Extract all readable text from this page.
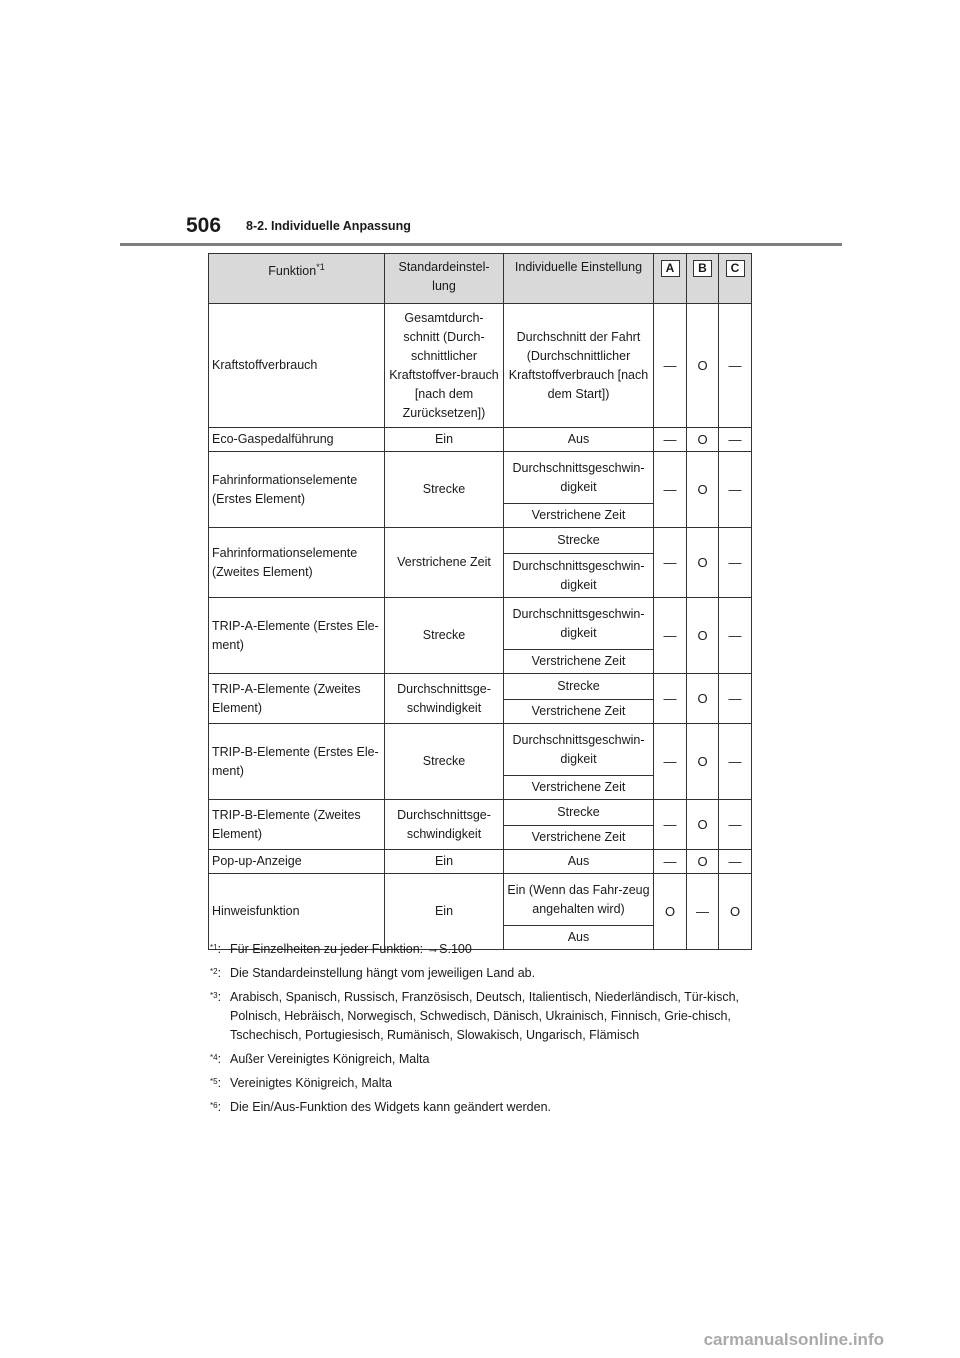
506 8-2. Individuelle Anpassung
Funktion$^{*1}$	Standardeinstel-lung	Individuelle Einstellung	A	B	C
Kraftstoffverbrauch	Gesamtdurch-schnitt (Durch-schnittlicher Kraftstoffver-brauch [nach dem Zurücksetzen])	Durchschnitt der Fahrt (Durchschnittlicher Kraftstoffverbrauch [nach dem Start])	—	O	—
Eco-Gaspedalführung	Ein	Aus	—	O	—
Fahrinformationselemente (Erstes Element)	Strecke	Durchschnittsgeschwin-digkeit	—	O	—
		Verstrichene Zeit			
Fahrinformationselemente (Zweites Element)	Verstrichene Zeit	Strecke	—	O	—
		Durchschnittsgeschwin-digkeit			
TRIP-A-Elemente (Erstes Ele-ment)	Strecke	Durchschnittsgeschwin-digkeit	—	O	—
		Verstrichene Zeit			
TRIP-A-Elemente (Zweites Element)	Durchschnittsge-schwindigkeit	Strecke	—	O	—
		Verstrichene Zeit			
TRIP-B-Elemente (Erstes Ele-ment)	Strecke	Durchschnittsgeschwin-digkeit	—	O	—
		Verstrichene Zeit			
TRIP-B-Elemente (Zweites Element)	Durchschnittsge-schwindigkeit	Strecke	—	O	—
		Verstrichene Zeit			
Pop-up-Anzeige	Ein	Aus	—	O	—
Hinweisfunktion	Ein	Ein (Wenn das Fahr-zeug angehalten wird)	O	—	O
		Aus			
$^{*1}$: Für Einzelheiten zu jeder Funktion: →S.100
$^{*2}$: Die Standardeinstellung hängt vom jeweiligen Land ab.
$^{*3}$: Arabisch, Spanisch, Russisch, Französisch, Deutsch, Italientisch, Niederländisch, Tür-kisch, Polnisch, Hebräisch, Norwegisch, Schwedisch, Dänisch, Ukrainisch, Finnisch, Grie-chisch, Tschechisch, Portugiesisch, Rumänisch, Slowakisch, Ungarisch, Flämisch
$^{*4}$: Außer Vereinigtes Königreich, Malta
$^{*5}$: Vereinigtes Königreich, Malta
$^{*6}$: Die Ein/Aus-Funktion des Widgets kann geändert werden.
carmanualsonline.info
